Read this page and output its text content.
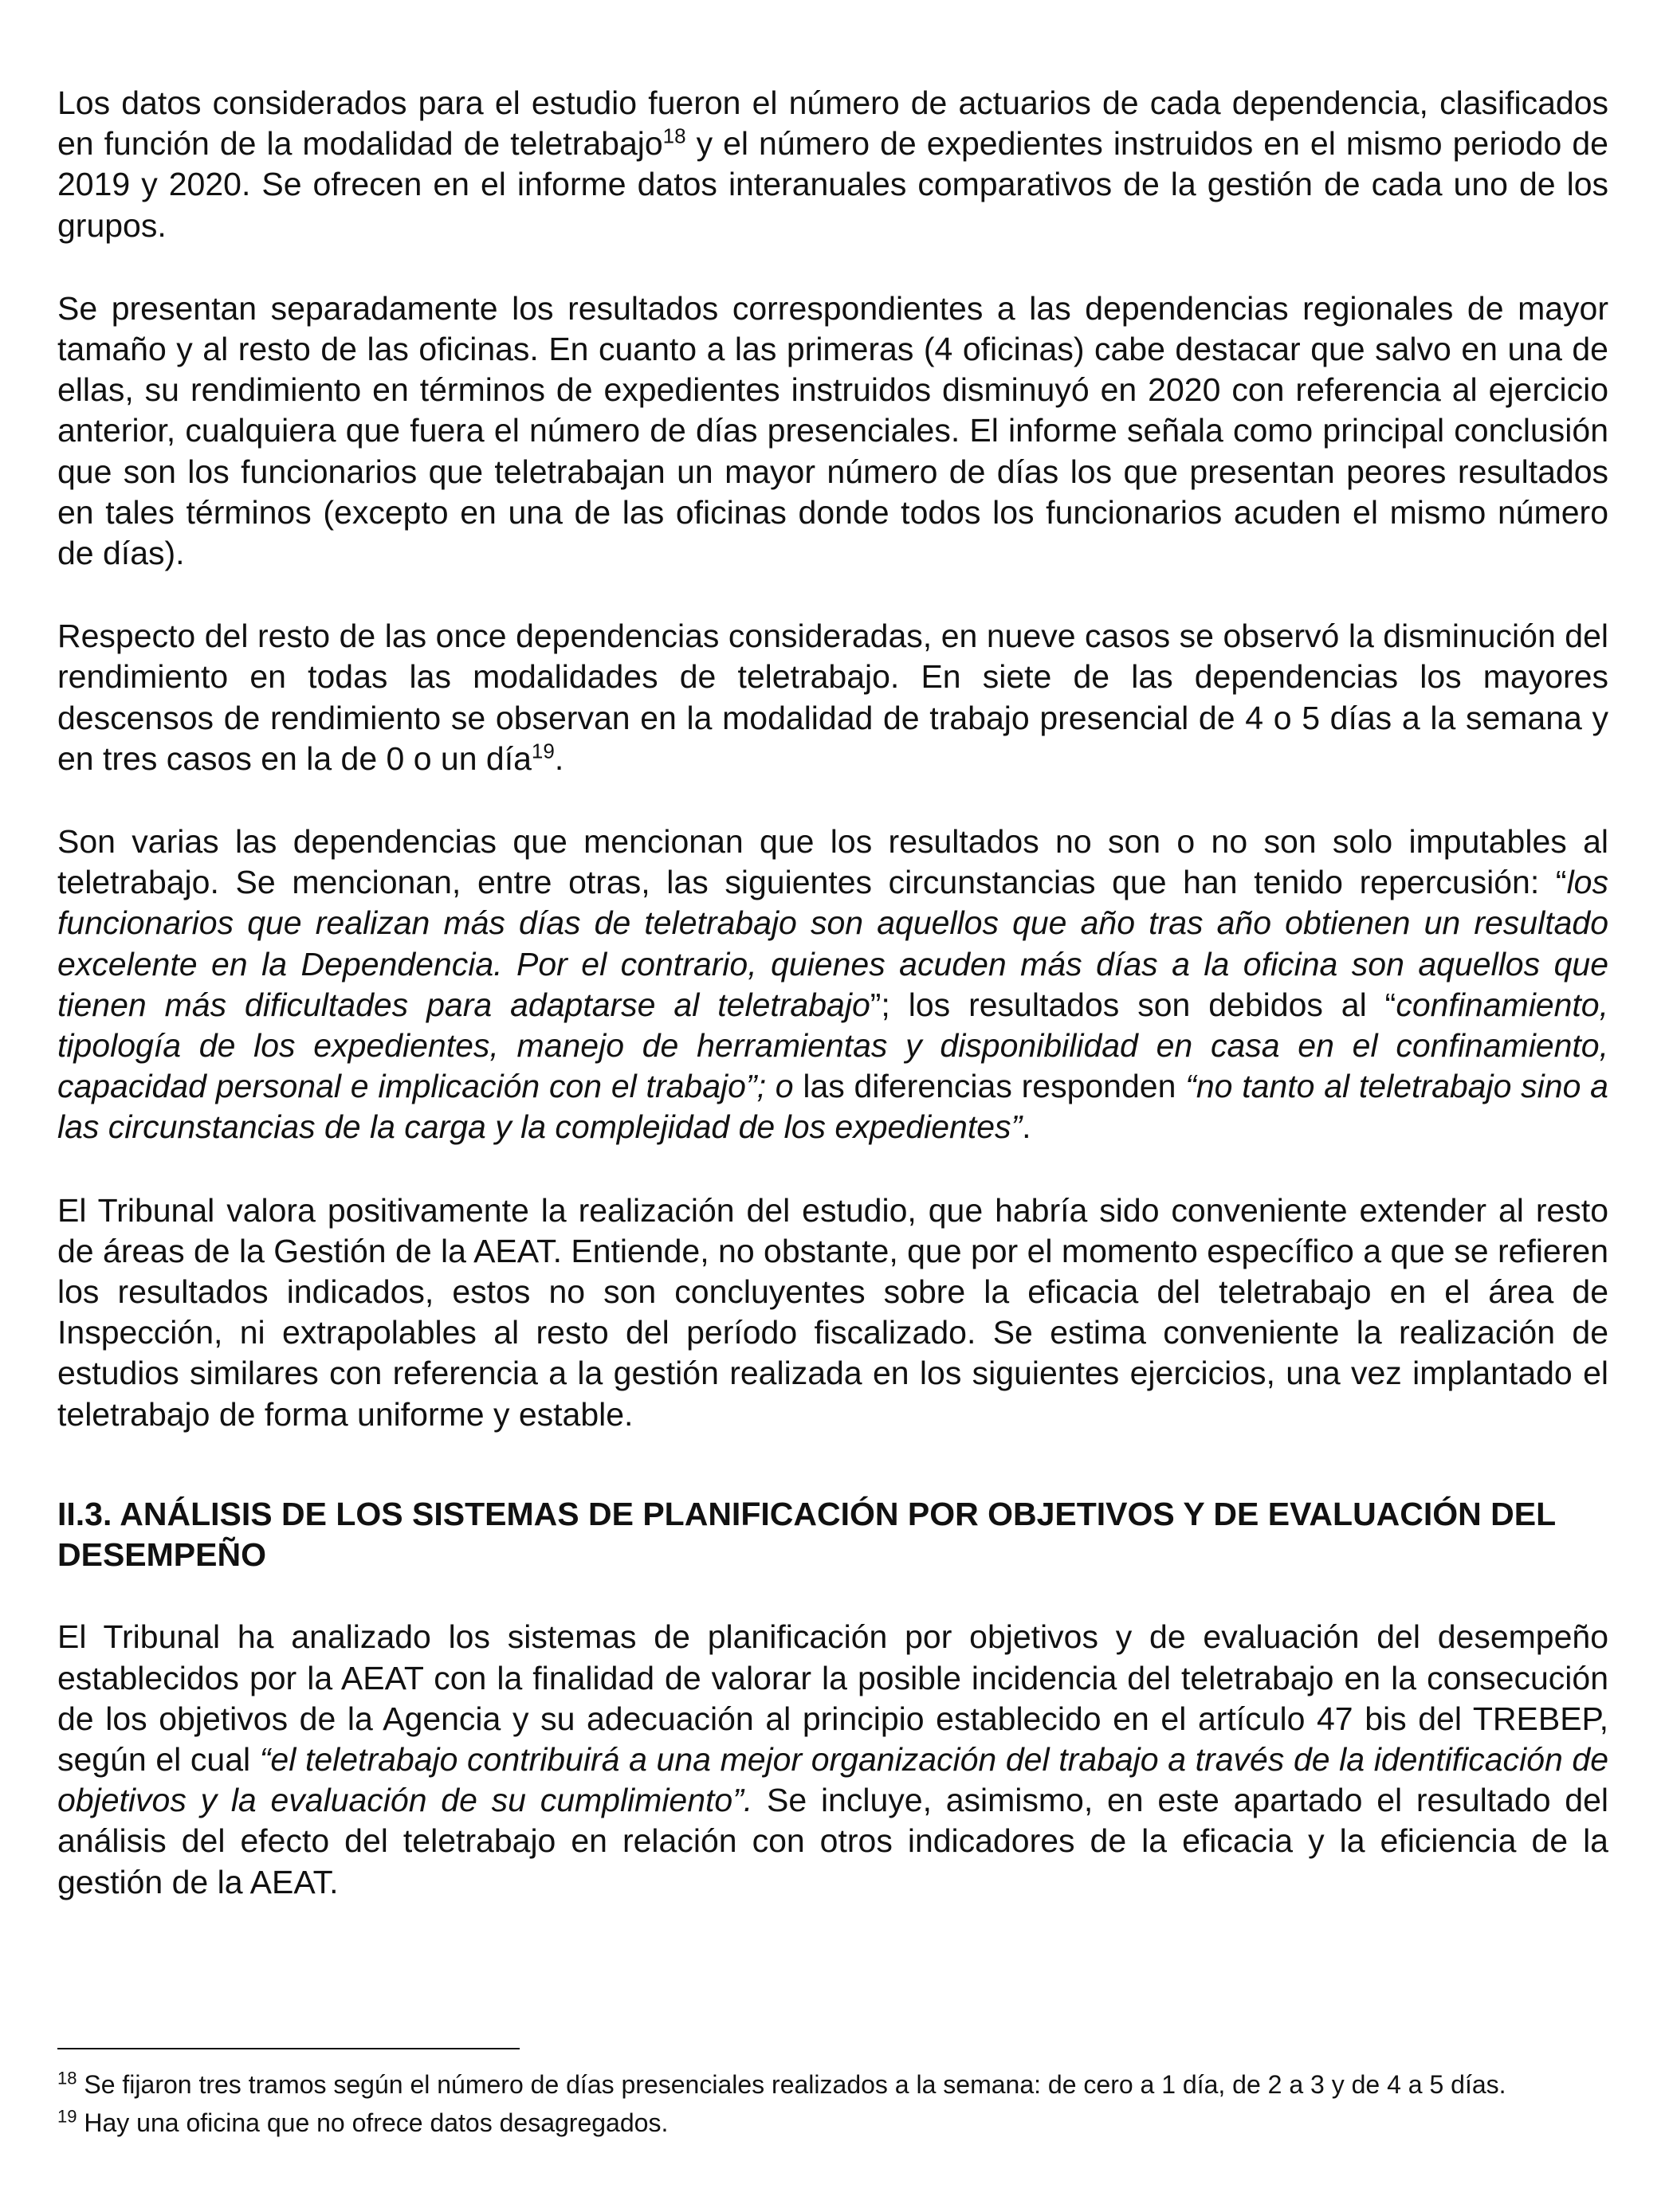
Los datos considerados para el estudio fueron el número de actuarios de cada dependencia, clasificados en función de la modalidad de teletrabajo$^{18}$ y el número de expedientes instruidos en el mismo periodo de 2019 y 2020. Se ofrecen en el informe datos interanuales comparativos de la gestión de cada uno de los grupos.

Se presentan separadamente los resultados correspondientes a las dependencias regionales de mayor tamaño y al resto de las oficinas. En cuanto a las primeras (4 oficinas) cabe destacar que salvo en una de ellas, su rendimiento en términos de expedientes instruidos disminuyó en 2020 con referencia al ejercicio anterior, cualquiera que fuera el número de días presenciales. El informe señala como principal conclusión que son los funcionarios que teletrabajan un mayor número de días los que presentan peores resultados en tales términos (excepto en una de las oficinas donde todos los funcionarios acuden el mismo número de días).

Respecto del resto de las once dependencias consideradas, en nueve casos se observó la disminución del rendimiento en todas las modalidades de teletrabajo. En siete de las dependencias los mayores descensos de rendimiento se observan en la modalidad de trabajo presencial de 4 o 5 días a la semana y en tres casos en la de 0 o un día$^{19}$.

Son varias las dependencias que mencionan que los resultados no son o no son solo imputables al teletrabajo. Se mencionan, entre otras, las siguientes circunstancias que han tenido repercusión: “los funcionarios que realizan más días de teletrabajo son aquellos que año tras año obtienen un resultado excelente en la Dependencia. Por el contrario, quienes acuden más días a la oficina son aquellos que tienen más dificultades para adaptarse al teletrabajo”; los resultados son debidos al “confinamiento, tipología de los expedientes, manejo de herramientas y disponibilidad en casa en el confinamiento, capacidad personal e implicación con el trabajo”; o las diferencias responden “no tanto al teletrabajo sino a las circunstancias de la carga y la complejidad de los expedientes”.

El Tribunal valora positivamente la realización del estudio, que habría sido conveniente extender al resto de áreas de la Gestión de la AEAT. Entiende, no obstante, que por el momento específico a que se refieren los resultados indicados, estos no son concluyentes sobre la eficacia del teletrabajo en el área de Inspección, ni extrapolables al resto del período fiscalizado. Se estima conveniente la realización de estudios similares con referencia a la gestión realizada en los siguientes ejercicios, una vez implantado el teletrabajo de forma uniforme y estable.

II.3. ANÁLISIS DE LOS SISTEMAS DE PLANIFICACIÓN POR OBJETIVOS Y DE EVALUACIÓN DEL DESEMPEÑO

El Tribunal ha analizado los sistemas de planificación por objetivos y de evaluación del desempeño establecidos por la AEAT con la finalidad de valorar la posible incidencia del teletrabajo en la consecución de los objetivos de la Agencia y su adecuación al principio establecido en el artículo 47 bis del TREBEP, según el cual “el teletrabajo contribuirá a una mejor organización del trabajo a través de la identificación de objetivos y la evaluación de su cumplimiento”. Se incluye, asimismo, en este apartado el resultado del análisis del efecto del teletrabajo en relación con otros indicadores de la eficacia y la eficiencia de la gestión de la AEAT.

$^{18}$ Se fijaron tres tramos según el número de días presenciales realizados a la semana: de cero a 1 día, de 2 a 3 y de 4 a 5 días.

$^{19}$ Hay una oficina que no ofrece datos desagregados.
